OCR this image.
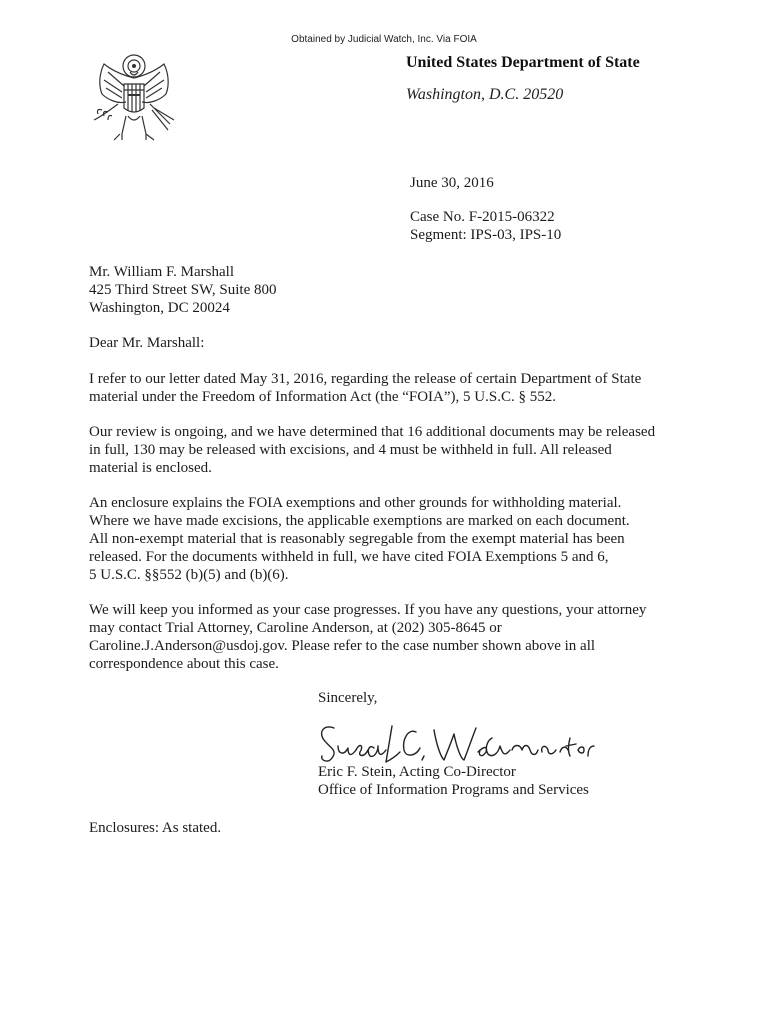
Obtained by Judicial Watch, Inc. Via FOIA
United States Department of State
Washington, D.C. 20520
June 30, 2016
Case No. F-2015-06322
Segment: IPS-03, IPS-10
Mr. William F. Marshall
425 Third Street SW, Suite 800
Washington, DC 20024
Dear Mr. Marshall:
I refer to our letter dated May 31, 2016, regarding the release of certain Department of State
material under the Freedom of Information Act (the “FOIA”), 5 U.S.C. § 552.
Our review is ongoing, and we have determined that 16 additional documents may be released
in full, 130 may be released with excisions, and 4 must be withheld in full. All released
material is enclosed.
An enclosure explains the FOIA exemptions and other grounds for withholding material.
Where we have made excisions, the applicable exemptions are marked on each document.
All non-exempt material that is reasonably segregable from the exempt material has been
released. For the documents withheld in full, we have cited FOIA Exemptions 5 and 6,
5 U.S.C. §§552 (b)(5) and (b)(6).
We will keep you informed as your case progresses. If you have any questions, your attorney
may contact Trial Attorney, Caroline Anderson, at (202) 305-8645 or
Caroline.J.Anderson@usdoj.gov. Please refer to the case number shown above in all
correspondence about this case.
Sincerely,
Eric F. Stein, Acting Co-Director
Office of Information Programs and Services
Enclosures: As stated.
